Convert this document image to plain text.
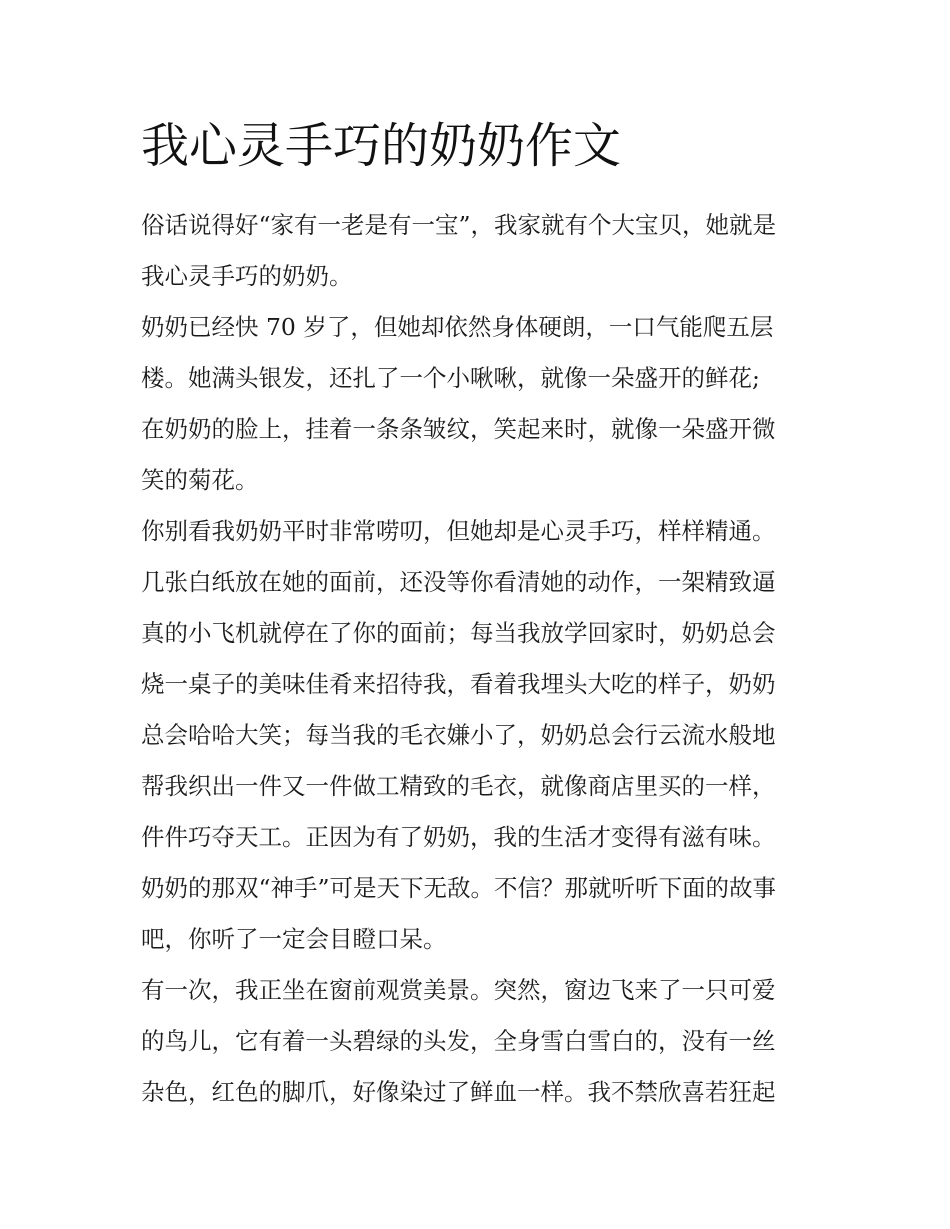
我心灵手巧的奶奶作文
俗话说得好“家有一老是有一宝”，我家就有个大宝贝，她就是
我心灵手巧的奶奶。
奶奶已经快 70 岁了，但她却依然身体硬朗，一口气能爬五层
楼。她满头银发，还扎了一个小啾啾，就像一朵盛开的鲜花;
在奶奶的脸上，挂着一条条皱纹，笑起来时，就像一朵盛开微
笑的菊花。
你别看我奶奶平时非常唠叨，但她却是心灵手巧，样样精通。
几张白纸放在她的面前，还没等你看清她的动作，一架精致逼
真的小飞机就停在了你的面前；每当我放学回家时，奶奶总会
烧一桌子的美味佳肴来招待我，看着我埋头大吃的样子，奶奶
总会哈哈大笑；每当我的毛衣嫌小了，奶奶总会行云流水般地
帮我织出一件又一件做工精致的毛衣，就像商店里买的一样，
件件巧夺天工。正因为有了奶奶，我的生活才变得有滋有味。
奶奶的那双“神手”可是天下无敌。不信？那就听听下面的故事
吧，你听了一定会目瞪口呆。
有一次，我正坐在窗前观赏美景。突然，窗边飞来了一只可爱
的鸟儿，它有着一头碧绿的头发，全身雪白雪白的，没有一丝
杂色，红色的脚爪，好像染过了鲜血一样。我不禁欣喜若狂起
